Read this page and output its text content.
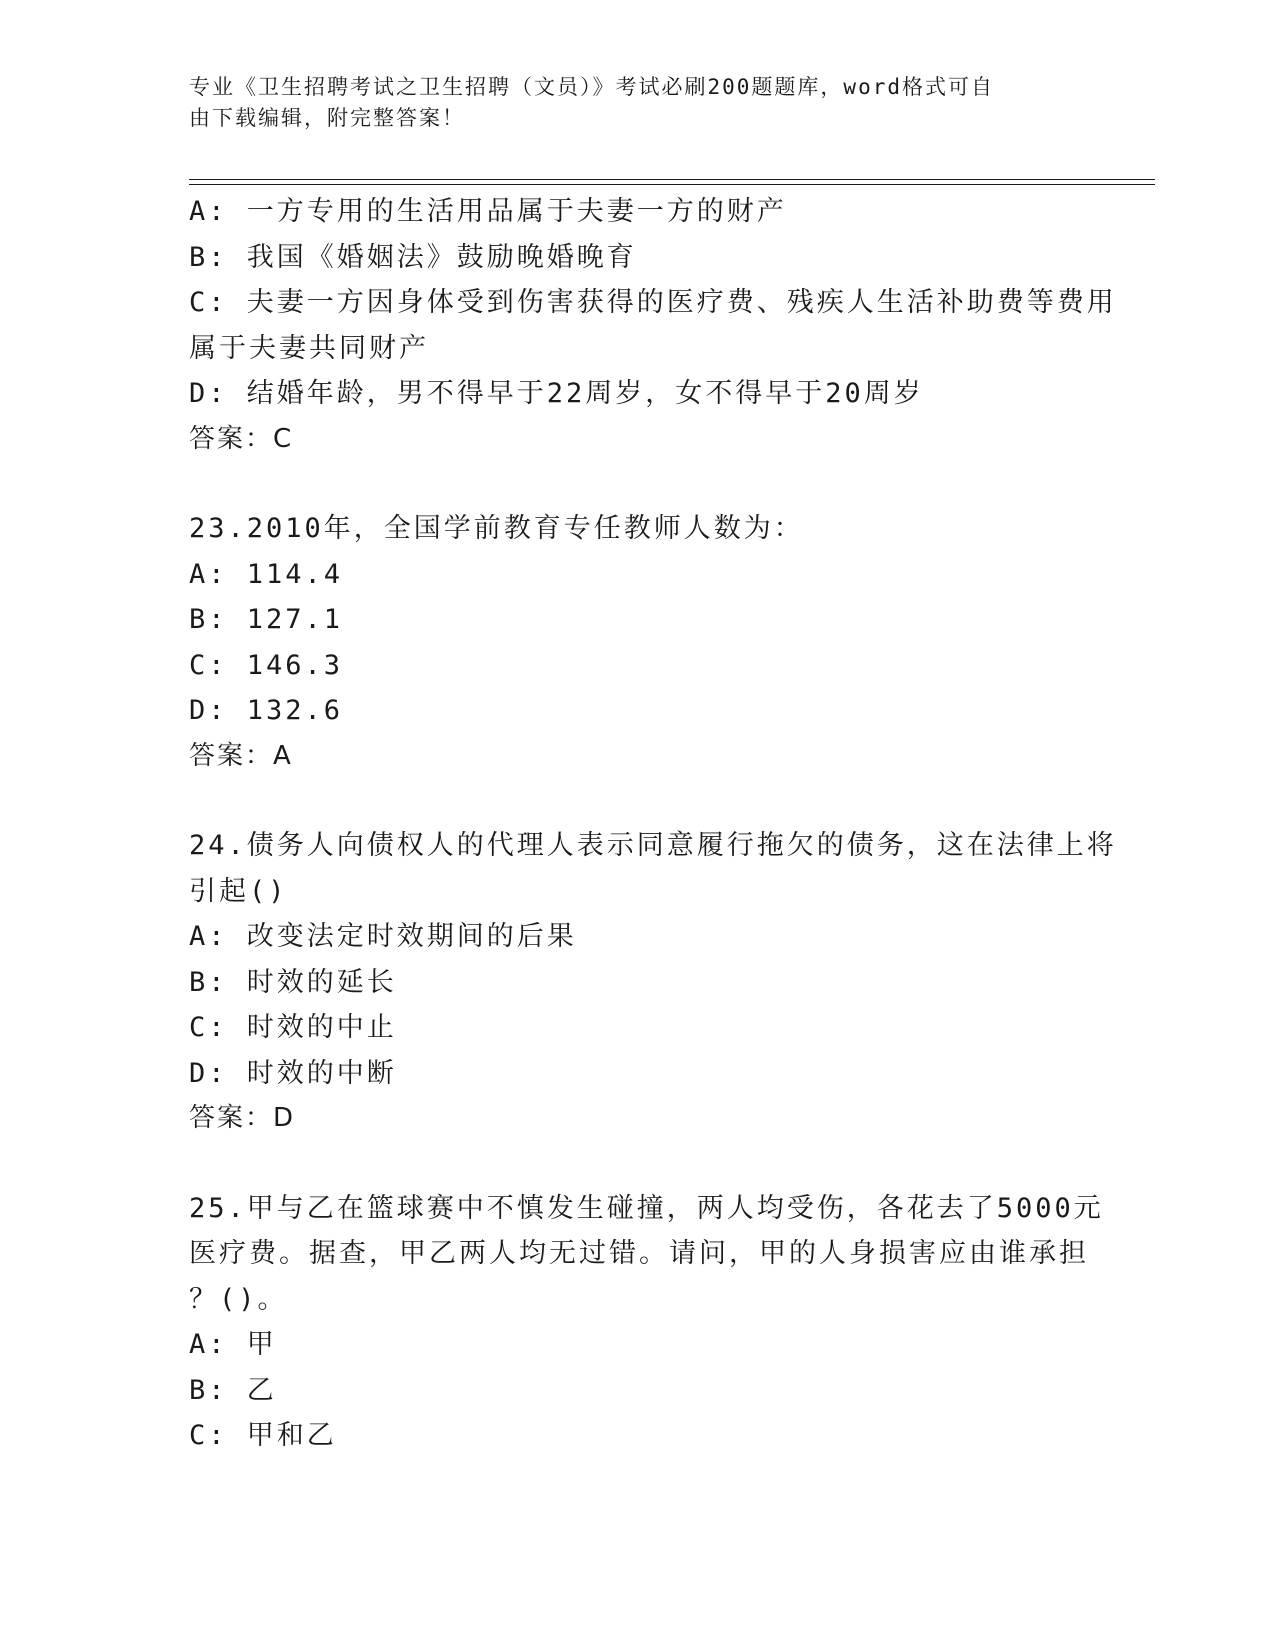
专业《卫生招聘考试之卫生招聘（文员）》考试必刷200题题库，word格式可自
由下载编辑，附完整答案！
A: 一方专用的生活用品属于夫妻一方的财产
B: 我国《婚姻法》鼓励晚婚晚育
C: 夫妻一方因身体受到伤害获得的医疗费、残疾人生活补助费等费用
属于夫妻共同财产
D: 结婚年龄，男不得早于22周岁，女不得早于20周岁
答案：C
23.2010年，全国学前教育专任教师人数为：
A: 114.4
B: 127.1
C: 146.3
D: 132.6
答案：A
24.债务人向债权人的代理人表示同意履行拖欠的债务，这在法律上将
引起()
A: 改变法定时效期间的后果
B: 时效的延长
C: 时效的中止
D: 时效的中断
答案：D
25.甲与乙在篮球赛中不慎发生碰撞，两人均受伤，各花去了5000元
医疗费。据查，甲乙两人均无过错。请问，甲的人身损害应由谁承担
？()。
A: 甲
B: 乙
C: 甲和乙
